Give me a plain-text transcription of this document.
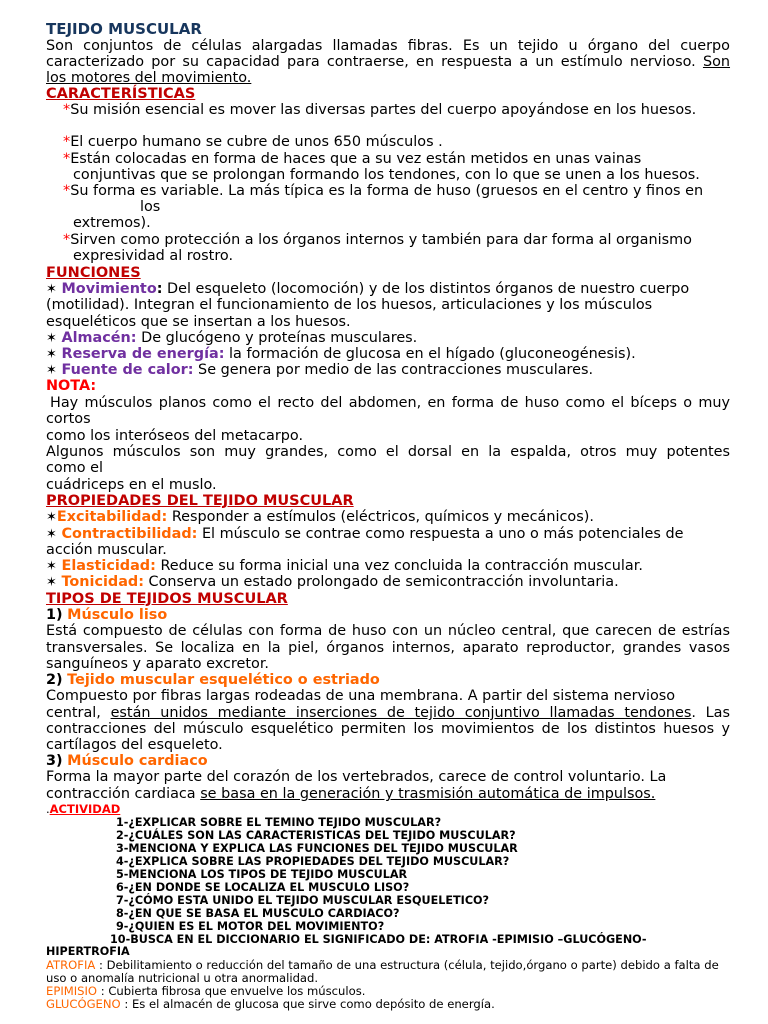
TEJIDO MUSCULAR

Son conjuntos de células alargadas llamadas fibras. Es un tejido u órgano del cuerpo

caracterizado por su capacidad para contraerse, en respuesta a un estímulo nervioso. Son

los motores del movimiento.

CARACTERÍSTICAS

*Su misión esencial es mover las diversas partes del cuerpo apoyándose en los huesos.

*El cuerpo humano se cubre de unos 650 músculos .

*Están colocadas en forma de haces que a su vez están metidos en unas vainas

conjuntivas que se prolongan formando los tendones, con lo que se unen a los huesos.

*Su forma es variable. La más típica es la forma de huso (gruesos en el centro y finos en

los

extremos).

*Sirven como protección a los órganos internos y también para dar forma al organismo

expresividad al rostro.

FUNCIONES

✶ Movimiento: Del esqueleto (locomoción) y de los distintos órganos de nuestro cuerpo

(motilidad). Integran el funcionamiento de los huesos, articulaciones y los músculos

esqueléticos que se insertan a los huesos.

✶ Almacén: De glucógeno y proteínas musculares.

✶ Reserva de energía: la formación de glucosa en el hígado (gluconeogénesis).

✶ Fuente de calor: Se genera por medio de las contracciones musculares.

NOTA:

Hay músculos planos como el recto del abdomen, en forma de huso como el bíceps o muy

cortos

como los interóseos del metacarpo.

Algunos músculos son muy grandes, como el dorsal en la espalda, otros muy potentes

como el

cuádriceps en el muslo.

PROPIEDADES DEL TEJIDO MUSCULAR

✶Excitabilidad: Responder a estímulos (eléctricos, químicos y mecánicos).

✶ Contractibilidad: El músculo se contrae como respuesta a uno o más potenciales de

acción muscular.

✶ Elasticidad: Reduce su forma inicial una vez concluida la contracción muscular.

✶ Tonicidad: Conserva un estado prolongado de semicontracción involuntaria.

TIPOS DE TEJIDOS MUSCULAR

1) Músculo liso

Está compuesto de células con forma de huso con un núcleo central, que carecen de estrías

transversales. Se localiza en la piel, órganos internos, aparato reproductor, grandes vasos

sanguíneos y aparato excretor.

2) Tejido muscular esquelético o estriado

Compuesto por fibras largas rodeadas de una membrana. A partir del sistema nervioso

central, están unidos mediante inserciones de tejido conjuntivo llamadas tendones. Las

contracciones del músculo esquelético permiten los movimientos de los distintos huesos y

cartílagos del esqueleto.

3) Músculo cardiaco

Forma la mayor parte del corazón de los vertebrados, carece de control voluntario. La

contracción cardiaca se basa en la generación y trasmisión automática de impulsos.

.ACTIVIDAD
1-¿EXPLICAR SOBRE EL TEMINO TEJIDO MUSCULAR?
2-¿CUÁLES SON LAS CARACTERISTICAS DEL TEJIDO MUSCULAR?
3-MENCIONA Y EXPLICA LAS FUNCIONES DEL TEJIDO MUSCULAR
4-¿EXPLICA SOBRE LAS PROPIEDADES DEL TEJIDO MUSCULAR?
5-MENCIONA LOS TIPOS DE TEJIDO MUSCULAR
6-¿EN DONDE SE LOCALIZA EL MUSCULO LISO?
7-¿CÓMO ESTA UNIDO EL TEJIDO MUSCULAR ESQUELETICO?
8-¿EN QUE SE BASA EL MUSCULO CARDIACO?
9-¿QUIEN ES EL MOTOR DEL MOVIMIENTO?
10-BUSCA EN EL DICCIONARIO EL SIGNIFICADO DE: ATROFIA -EPIMISIO –GLUCÓGENO-
HIPERTROFIA

ATROFIA : Debilitamiento o reducción del tamaño de una estructura (célula, tejido,órgano o parte) debido a falta de

uso o anomalía nutricional u otra anormalidad.

EPIMISIO : Cubierta fibrosa que envuelve los músculos.

GLUCÓGENO : Es el almacén de glucosa que sirve como depósito de energía.
